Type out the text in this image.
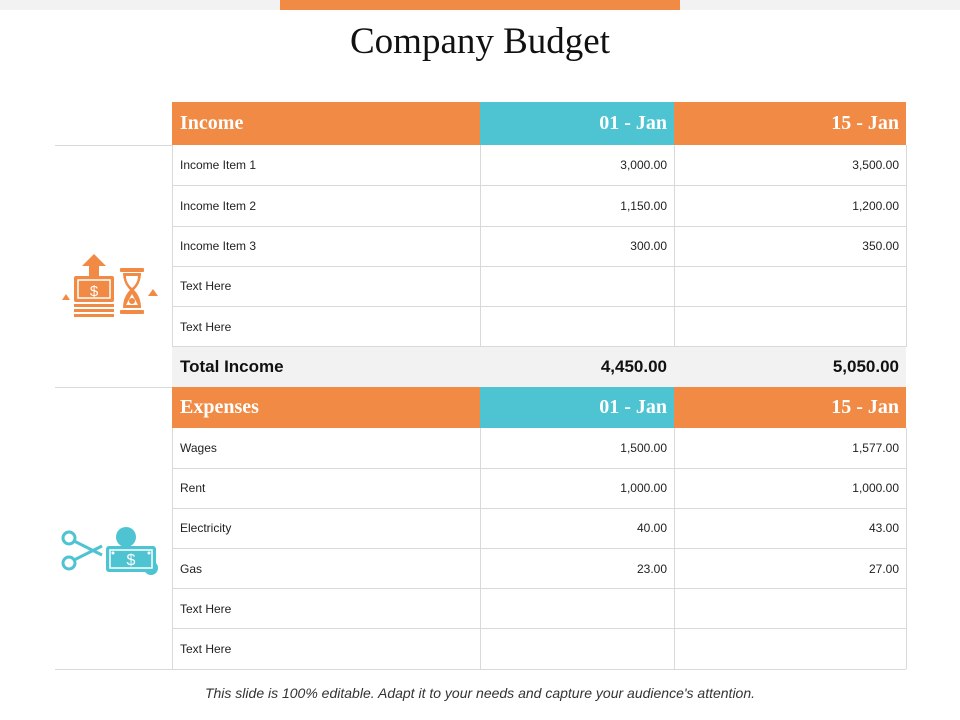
Company Budget
Income	01 - Jan	15 - Jan
Income Item 1	3,000.00	3,500.00
Income Item 2	1,150.00	1,200.00
Income Item 3	300.00	350.00
Text Here
Text Here
Total Income	4,450.00	5,050.00
Expenses	01 - Jan	15 - Jan
Wages	1,500.00	1,577.00
Rent	1,000.00	1,000.00
Electricity	40.00	43.00
Gas	23.00	27.00
Text Here
Text Here
$
$
This slide is 100% editable. Adapt it to your needs and capture your audience's attention.
